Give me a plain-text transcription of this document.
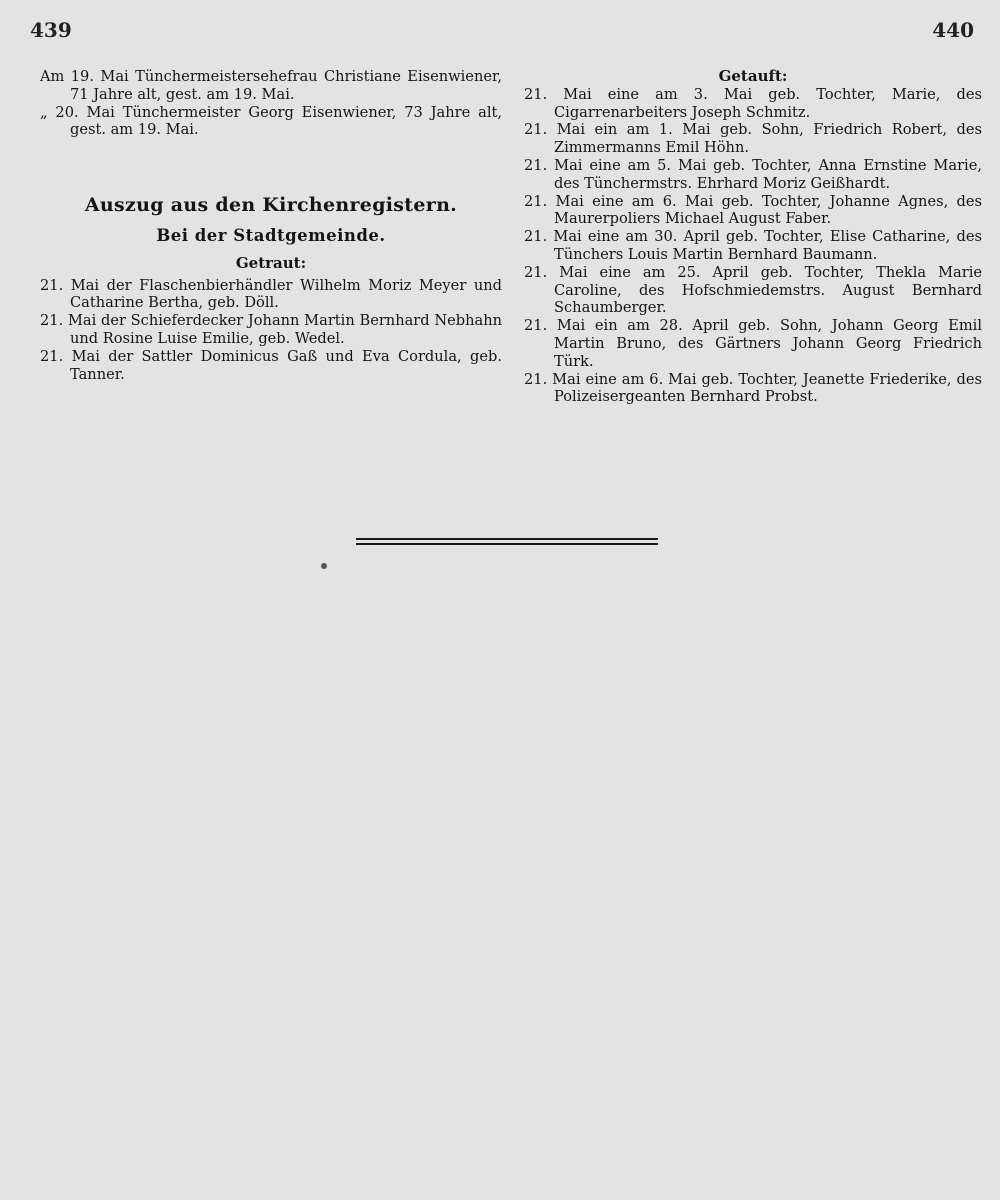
439	440

Am 19. Mai Tünchermeistersehefrau Christiane Eisenwiener, 71 Jahre alt, gest. am 19. Mai.

„ 20. Mai Tünchermeister Georg Eisenwiener, 73 Jahre alt, gest. am 19. Mai.

Auszug aus den Kirchenregistern.

Bei der Stadtgemeinde.

Getraut:

21. Mai der Flaschenbierhändler Wilhelm Moriz Meyer und Catharine Bertha, geb. Döll.

21. Mai der Schieferdecker Johann Martin Bernhard Nebhahn und Rosine Luise Emilie, geb. Wedel.

21. Mai der Sattler Dominicus Gaß und Eva Cordula, geb. Tanner.

Getauft:

21. Mai eine am 3. Mai geb. Tochter, Marie, des Cigarrenarbeiters Joseph Schmitz.

21. Mai ein am 1. Mai geb. Sohn, Friedrich Robert, des Zimmermanns Emil Höhn.

21. Mai eine am 5. Mai geb. Tochter, Anna Ernstine Marie, des Tünchermstrs. Ehrhard Moriz Geißhardt.

21. Mai eine am 6. Mai geb. Tochter, Johanne Agnes, des Maurerpoliers Michael August Faber.

21. Mai eine am 30. April geb. Tochter, Elise Catharine, des Tünchers Louis Martin Bernhard Baumann.

21. Mai eine am 25. April geb. Tochter, Thekla Marie Caroline, des Hofschmiedemstrs. August Bernhard Schaumberger.

21. Mai ein am 28. April geb. Sohn, Johann Georg Emil Martin Bruno, des Gärtners Johann Georg Friedrich Türk.

21. Mai eine am 6. Mai geb. Tochter, Jeanette Friederike, des Polizeisergeanten Bernhard Probst.
